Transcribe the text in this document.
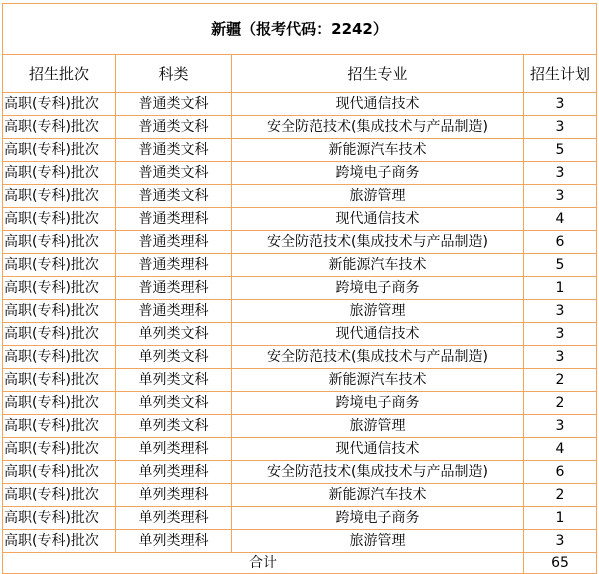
新疆（报考代码：2242）			
招生批次	科类	招生专业	招生计划
高职(专科)批次	普通类文科	现代通信技术	3
高职(专科)批次	普通类文科	安全防范技术(集成技术与产品制造)	3
高职(专科)批次	普通类文科	新能源汽车技术	5
高职(专科)批次	普通类文科	跨境电子商务	3
高职(专科)批次	普通类文科	旅游管理	3
高职(专科)批次	普通类理科	现代通信技术	4
高职(专科)批次	普通类理科	安全防范技术(集成技术与产品制造)	6
高职(专科)批次	普通类理科	新能源汽车技术	5
高职(专科)批次	普通类理科	跨境电子商务	1
高职(专科)批次	普通类理科	旅游管理	3
高职(专科)批次	单列类文科	现代通信技术	3
高职(专科)批次	单列类文科	安全防范技术(集成技术与产品制造)	3
高职(专科)批次	单列类文科	新能源汽车技术	2
高职(专科)批次	单列类文科	跨境电子商务	2
高职(专科)批次	单列类文科	旅游管理	3
高职(专科)批次	单列类理科	现代通信技术	4
高职(专科)批次	单列类理科	安全防范技术(集成技术与产品制造)	6
高职(专科)批次	单列类理科	新能源汽车技术	2
高职(专科)批次	单列类理科	跨境电子商务	1
高职(专科)批次	单列类理科	旅游管理	3
合计			65
